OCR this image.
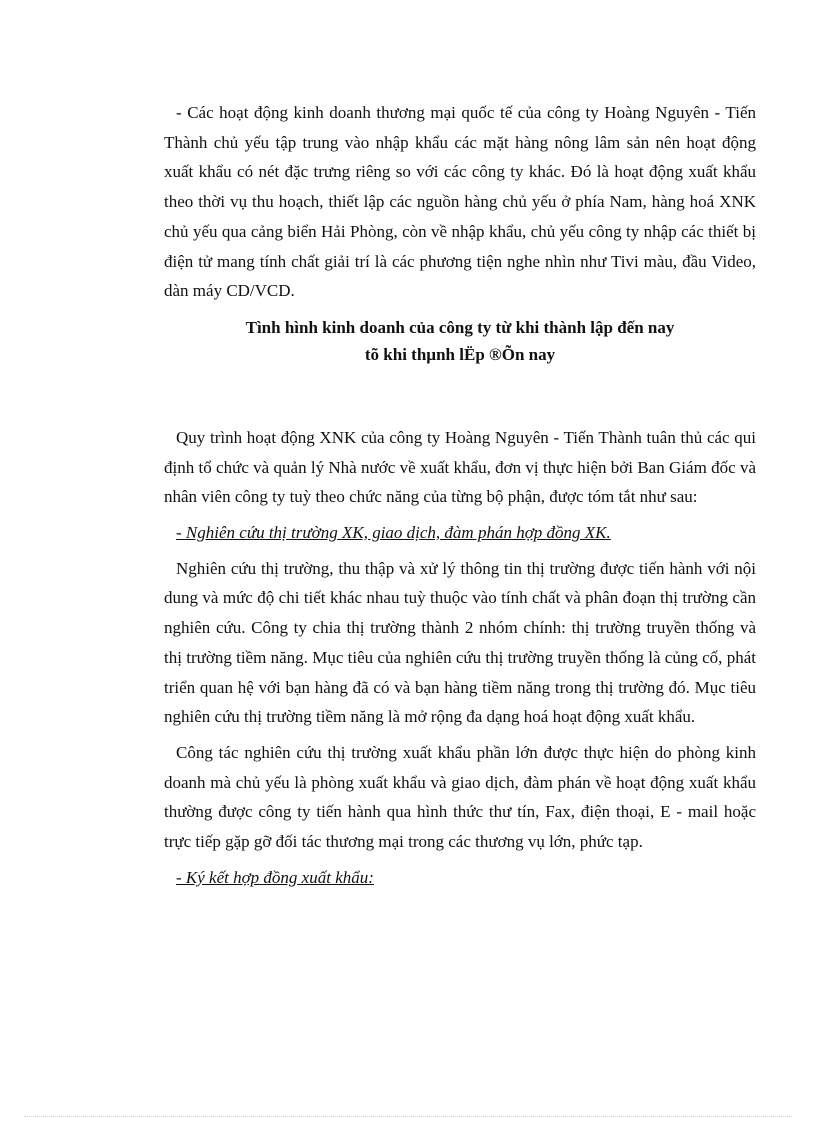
- Các hoạt động kinh doanh thương mại quốc tế của công ty Hoàng Nguyên - Tiến Thành chủ yếu tập trung vào nhập khẩu các mặt hàng nông lâm sản nên hoạt động xuất khẩu có nét đặc trưng riêng so với các công ty khác. Đó là hoạt động xuất khẩu theo thời vụ thu hoạch, thiết lập các nguồn hàng chủ yếu ở phía Nam, hàng hoá XNK chủ yếu qua cảng biển Hải Phòng, còn về nhập khẩu, chủ yếu công ty nhập các thiết bị điện tử mang tính chất giải trí là các phương tiện nghe nhìn như Tivi màu, đầu Video, dàn máy CD/VCD.

Tình hình kinh doanh của công ty từ khi thành lập đến nay
tõ khi thµnh lËp ®Õn nay

Quy trình hoạt động XNK của công ty Hoàng Nguyên - Tiến Thành tuân thủ các qui định tổ chức và quản lý Nhà nước về xuất khẩu, đơn vị thực hiện bởi Ban Giám đốc và nhân viên công ty tuỳ theo chức năng của từng bộ phận, được tóm tắt như sau:

- Nghiên cứu thị trường XK, giao dịch, đàm phán hợp đồng XK.

Nghiên cứu thị trường, thu thập và xử lý thông tin thị trường được tiến hành với nội dung và mức độ chi tiết khác nhau tuỳ thuộc vào tính chất và phân đoạn thị trường cần nghiên cứu. Công ty chia thị trường thành 2 nhóm chính: thị trường truyền thống và thị trường tiềm năng. Mục tiêu của nghiên cứu thị trường truyền thống là củng cố, phát triển quan hệ với bạn hàng đã có và bạn hàng tiềm năng trong thị trường đó. Mục tiêu nghiên cứu thị trường tiềm năng là mở rộng đa dạng hoá hoạt động xuất khẩu.

Công tác nghiên cứu thị trường xuất khẩu phần lớn được thực hiện do phòng kinh doanh mà chủ yếu là phòng xuất khẩu và giao dịch, đàm phán về hoạt động xuất khẩu thường được công ty tiến hành qua hình thức thư tín, Fax, điện thoại, E - mail hoặc trực tiếp gặp gỡ đối tác thương mại trong các thương vụ lớn, phức tạp.

- Ký kết hợp đồng xuất khẩu:
